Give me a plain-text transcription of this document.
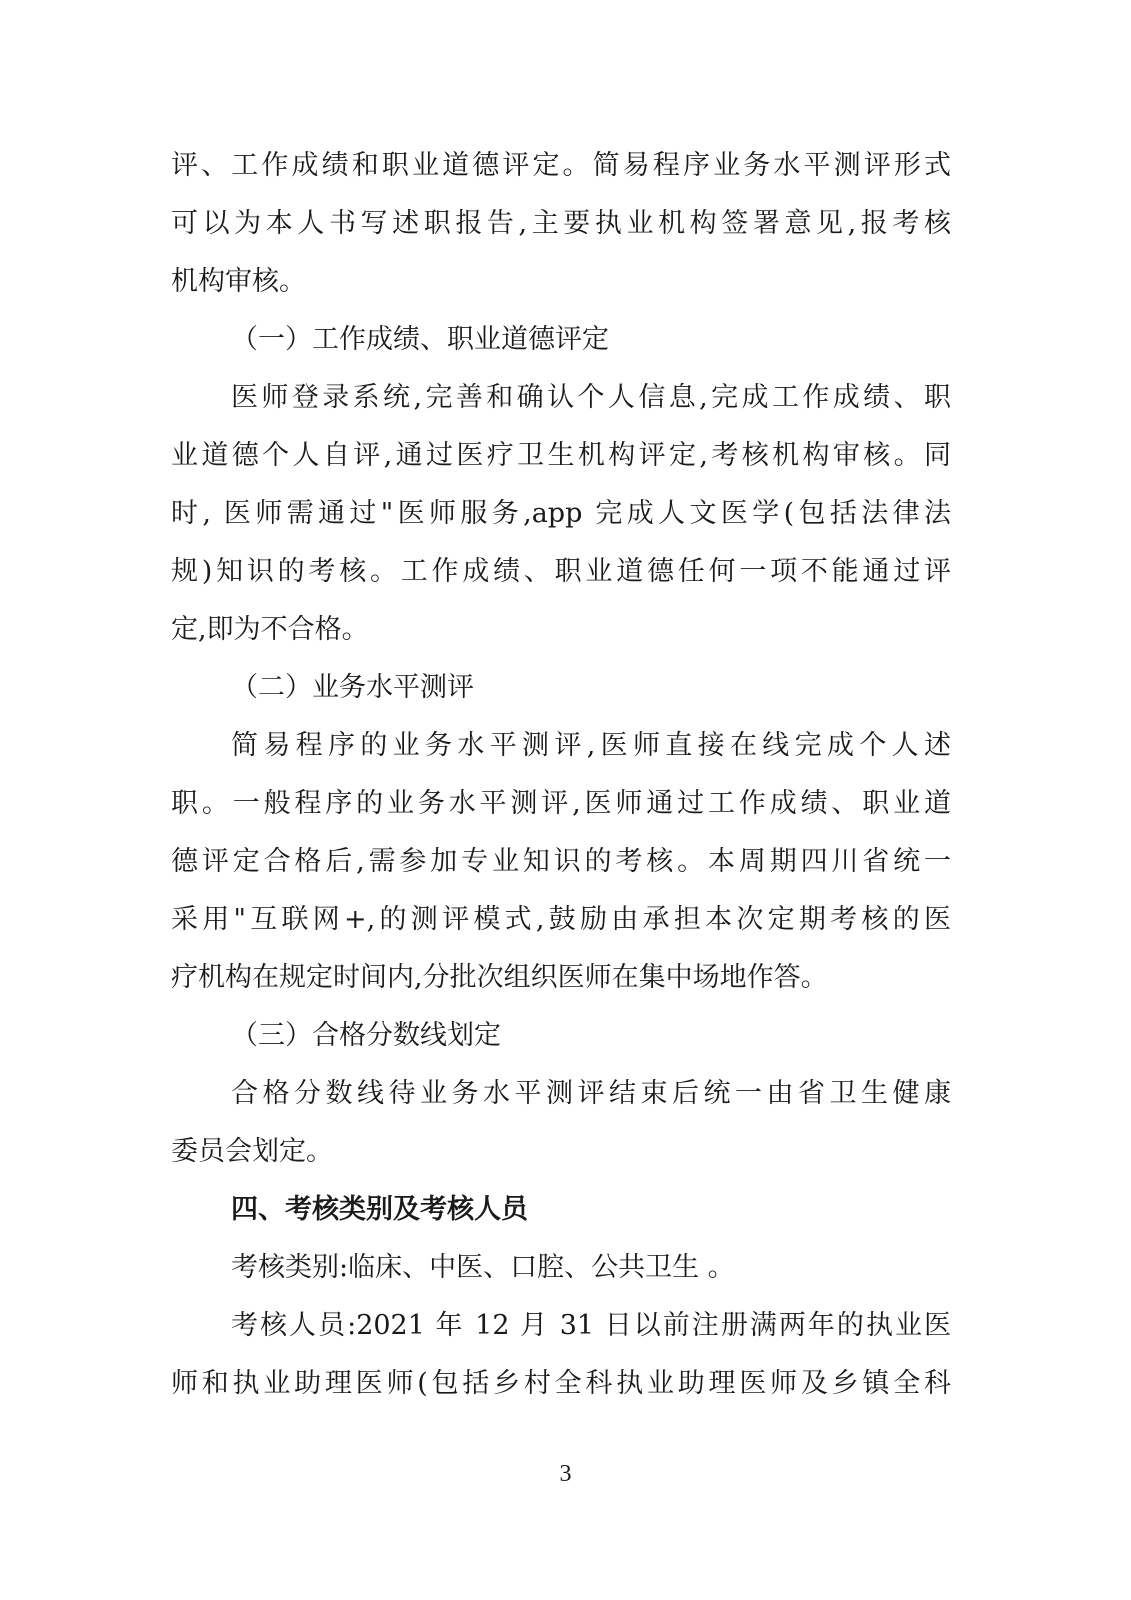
评、工作成绩和职业道德评定。简易程序业务水平测评形式
可以为本人书写述职报告,主要执业机构签署意见,报考核
机构审核。
（一）工作成绩、职业道德评定
医师登录系统,完善和确认个人信息,完成工作成绩、职
业道德个人自评,通过医疗卫生机构评定,考核机构审核。同
时, 医师需通过"医师服务,app 完成人文医学(包括法律法
规)知识的考核。工作成绩、职业道德任何一项不能通过评
定,即为不合格。
（二）业务水平测评
简易程序的业务水平测评,医师直接在线完成个人述
职。一般程序的业务水平测评,医师通过工作成绩、职业道
德评定合格后,需参加专业知识的考核。本周期四川省统一
采用"互联网+,的测评模式,鼓励由承担本次定期考核的医
疗机构在规定时间内,分批次组织医师在集中场地作答。
（三）合格分数线划定
合格分数线待业务水平测评结束后统一由省卫生健康
委员会划定。
四、考核类别及考核人员
考核类别:临床、中医、口腔、公共卫生 。
考核人员:2021 年 12 月 31 日以前注册满两年的执业医
师和执业助理医师(包括乡村全科执业助理医师及乡镇全科
3
